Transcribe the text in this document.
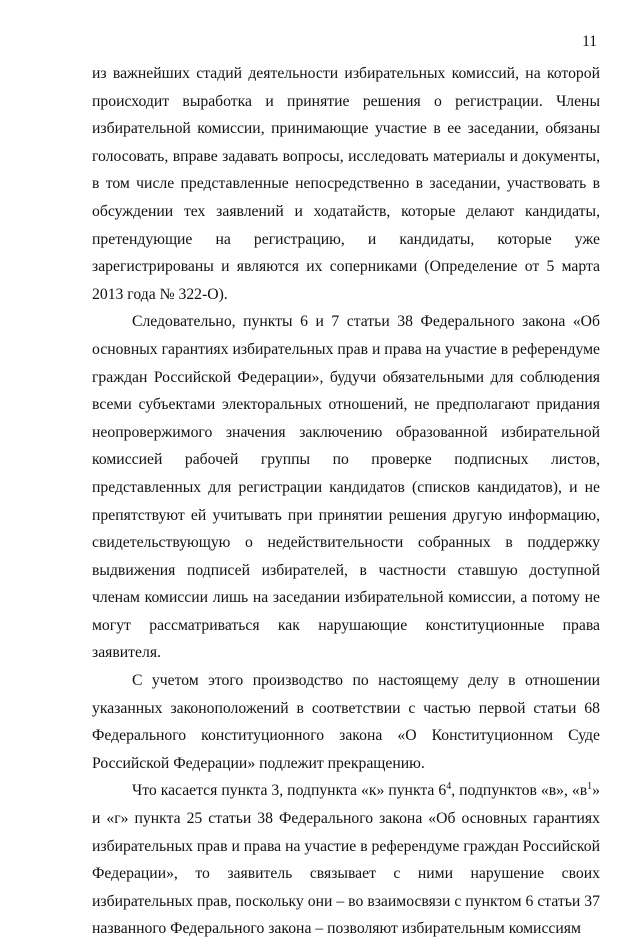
11

из важнейших стадий деятельности избирательных комиссий, на которой происходит выработка и принятие решения о регистрации. Члены избирательной комиссии, принимающие участие в ее заседании, обязаны голосовать, вправе задавать вопросы, исследовать материалы и документы, в том числе представленные непосредственно в заседании, участвовать в обсуждении тех заявлений и ходатайств, которые делают кандидаты, претендующие на регистрацию, и кандидаты, которые уже зарегистрированы и являются их соперниками (Определение от 5 марта 2013 года № 322-О).

Следовательно, пункты 6 и 7 статьи 38 Федерального закона «Об основных гарантиях избирательных прав и права на участие в референдуме граждан Российской Федерации», будучи обязательными для соблюдения всеми субъектами электоральных отношений, не предполагают придания неопровержимого значения заключению образованной избирательной комиссией рабочей группы по проверке подписных листов, представленных для регистрации кандидатов (списков кандидатов), и не препятствуют ей учитывать при принятии решения другую информацию, свидетельствующую о недействительности собранных в поддержку выдвижения подписей избирателей, в частности ставшую доступной членам комиссии лишь на заседании избирательной комиссии, а потому не могут рассматриваться как нарушающие конституционные права заявителя.

С учетом этого производство по настоящему делу в отношении указанных законоположений в соответствии с частью первой статьи 68 Федерального конституционного закона «О Конституционном Суде Российской Федерации» подлежит прекращению.

Что касается пункта 3, подпункта «к» пункта $6^4$, подпунктов «в», «$в^1$» и «г» пункта 25 статьи 38 Федерального закона «Об основных гарантиях избирательных прав и права на участие в референдуме граждан Российской Федерации», то заявитель связывает с ними нарушение своих избирательных прав, поскольку они – во взаимосвязи с пунктом 6 статьи 37 названного Федерального закона – позволяют избирательным комиссиям
